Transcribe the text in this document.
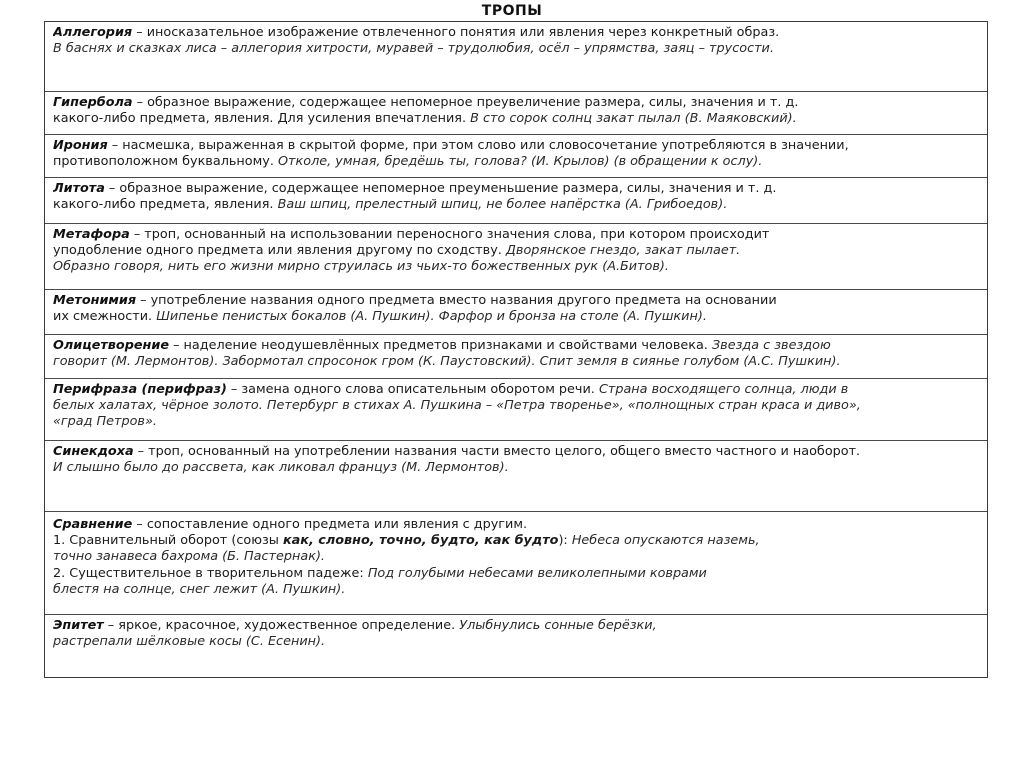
ТРОПЫ
Аллегория – иносказательное изображение отвлеченного понятия или явления через конкретный образ.
В баснях и сказках лиса – аллегория хитрости, муравей – трудолюбия, осёл – упрямства, заяц – трусости.
Гипербола – образное выражение, содержащее непомерное преувеличение размера, силы, значения и т. д.
какого-либо предмета, явления. Для усиления впечатления. В сто сорок солнц закат пылал (В. Маяковский).
Ирония – насмешка, выраженная в скрытой форме, при этом слово или словосочетание употребляются в значении,
противоположном буквальному. Отколе, умная, бредёшь ты, голова? (И. Крылов) (в обращении к ослу).
Литота – образное выражение, содержащее непомерное преуменьшение размера, силы, значения и т. д.
какого-либо предмета, явления. Ваш шпиц, прелестный шпиц, не более напёрстка (А. Грибоедов).
Метафора – троп, основанный на использовании переносного значения слова, при котором происходит
уподобление одного предмета или явления другому по сходству. Дворянское гнездо, закат пылает.
Образно говоря, нить его жизни мирно струилась из чьих-то божественных рук (А.Битов).
Метонимия – употребление названия одного предмета вместо названия другого предмета на основании
их смежности. Шипенье пенистых бокалов (А. Пушкин). Фарфор и бронза на столе (А. Пушкин).
Олицетворение – наделение неодушевлённых предметов признаками и свойствами человека. Звезда с звездою
говорит (М. Лермонтов). Забормотал спросонок гром (К. Паустовский). Спит земля в сиянье голубом (А.С. Пушкин).
Перифраза (перифраз) – замена одного слова описательным оборотом речи. Страна восходящего солнца, люди в
белых халатах, чёрное золото. Петербург в стихах А. Пушкина – «Петра творенье», «полнощных стран краса и диво»,
«град Петров».
Синекдоха – троп, основанный на употреблении названия части вместо целого, общего вместо частного и наоборот.
И слышно было до рассвета, как ликовал француз (М. Лермонтов).
Сравнение – сопоставление одного предмета или явления с другим.
1. Сравнительный оборот (союзы как, словно, точно, будто, как будто): Небеса опускаются наземь,
точно занавеса бахрома (Б. Пастернак).
2. Существительное в творительном падеже: Под голубыми небесами великолепными коврами
блестя на солнце, снег лежит (А. Пушкин).
Эпитет – яркое, красочное, художественное определение. Улыбнулись сонные берёзки,
растрепали шёлковые косы (С. Есенин).
